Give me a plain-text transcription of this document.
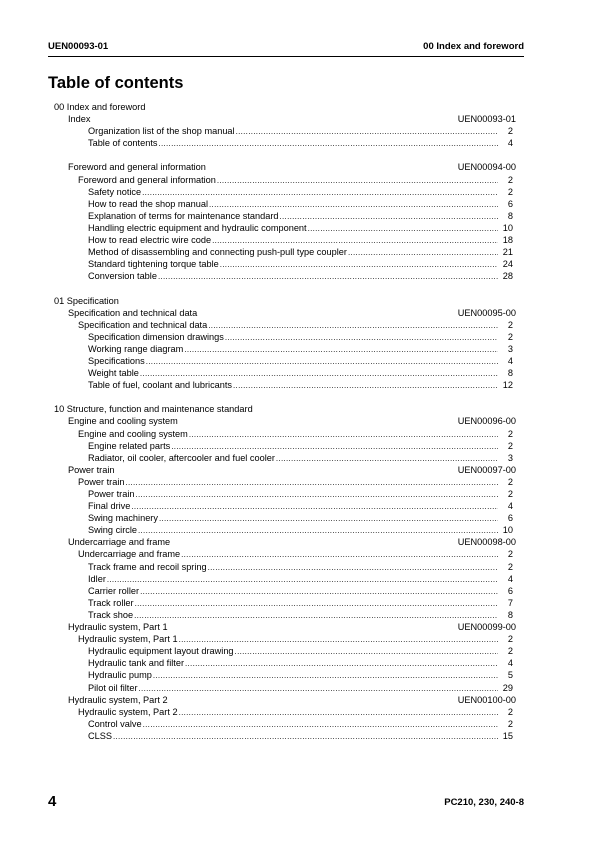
UEN00093-01	00 Index and foreword
Table of contents
00 Index and foreword
Index	UEN00093-01
Organization list of the shop manual .....	2
Table of contents .....	4
Foreword and general information	UEN00094-00
Foreword and general information .....	2
Safety notice .....	2
How to read the shop manual .....	6
Explanation of terms for maintenance standard .....	8
Handling electric equipment and hydraulic component .....	10
How to read electric wire code .....	18
Method of disassembling and connecting push-pull type coupler .....	21
Standard tightening torque table .....	24
Conversion table .....	28
01 Specification
Specification and technical data	UEN00095-00
Specification and technical data .....	2
Specification dimension drawings .....	2
Working range diagram .....	3
Specifications .....	4
Weight table .....	8
Table of fuel, coolant and lubricants .....	12
10 Structure, function and maintenance standard
Engine and cooling system	UEN00096-00
Engine and cooling system .....	2
Engine related parts .....	2
Radiator, oil cooler, aftercooler and fuel cooler .....	3
Power train	UEN00097-00
Power train .....	2
Power train .....	2
Final drive .....	4
Swing machinery .....	6
Swing circle .....	10
Undercarriage and frame	UEN00098-00
Undercarriage and frame .....	2
Track frame and recoil spring .....	2
Idler .....	4
Carrier roller .....	6
Track roller .....	7
Track shoe .....	8
Hydraulic system, Part 1	UEN00099-00
Hydraulic system, Part 1 .....	2
Hydraulic equipment layout drawing .....	2
Hydraulic tank and filter .....	4
Hydraulic pump .....	5
Pilot oil filter .....	29
Hydraulic system, Part 2	UEN00100-00
Hydraulic system, Part 2 .....	2
Control valve .....	2
CLSS .....	15
4	PC210, 230, 240-8
